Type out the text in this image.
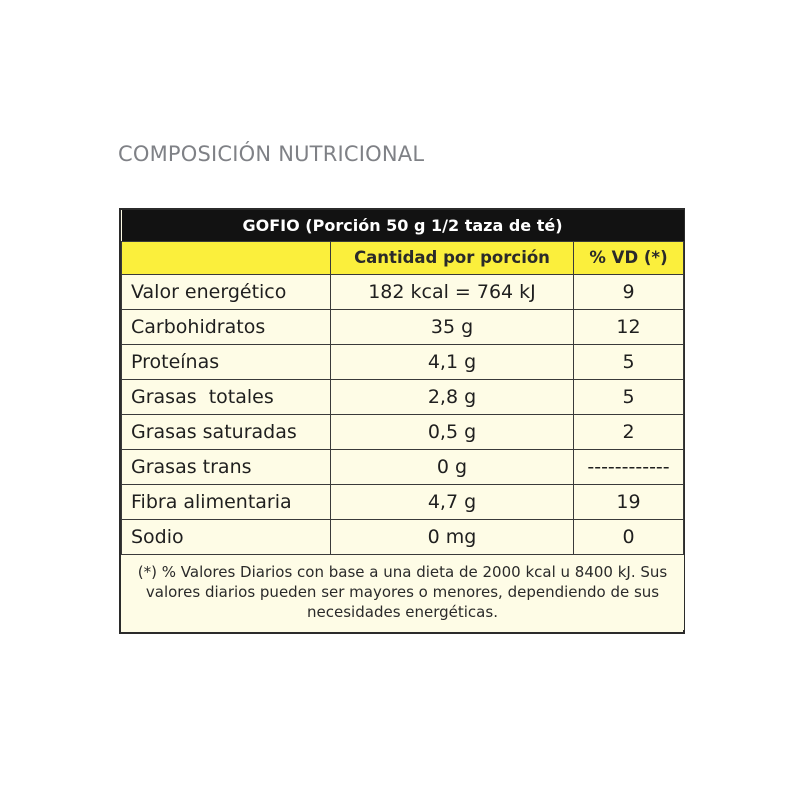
COMPOSICIÓN NUTRICIONAL
GOFIO (Porción 50 g 1/2 taza de té)		
	Cantidad por porción	% VD (*)
Valor energético	182 kcal = 764 kJ	9
Carbohidratos	35 g	12
Proteínas	4,1 g	5
Grasas  totales	2,8 g	5
Grasas saturadas	0,5 g	2
Grasas trans	0 g	------------
Fibra alimentaria	4,7 g	19
Sodio	0 mg	0
(*) % Valores Diarios con base a una dieta de 2000 kcal u 8400 kJ. Sus valores diarios pueden ser mayores o menores, dependiendo de sus necesidades energéticas.		
